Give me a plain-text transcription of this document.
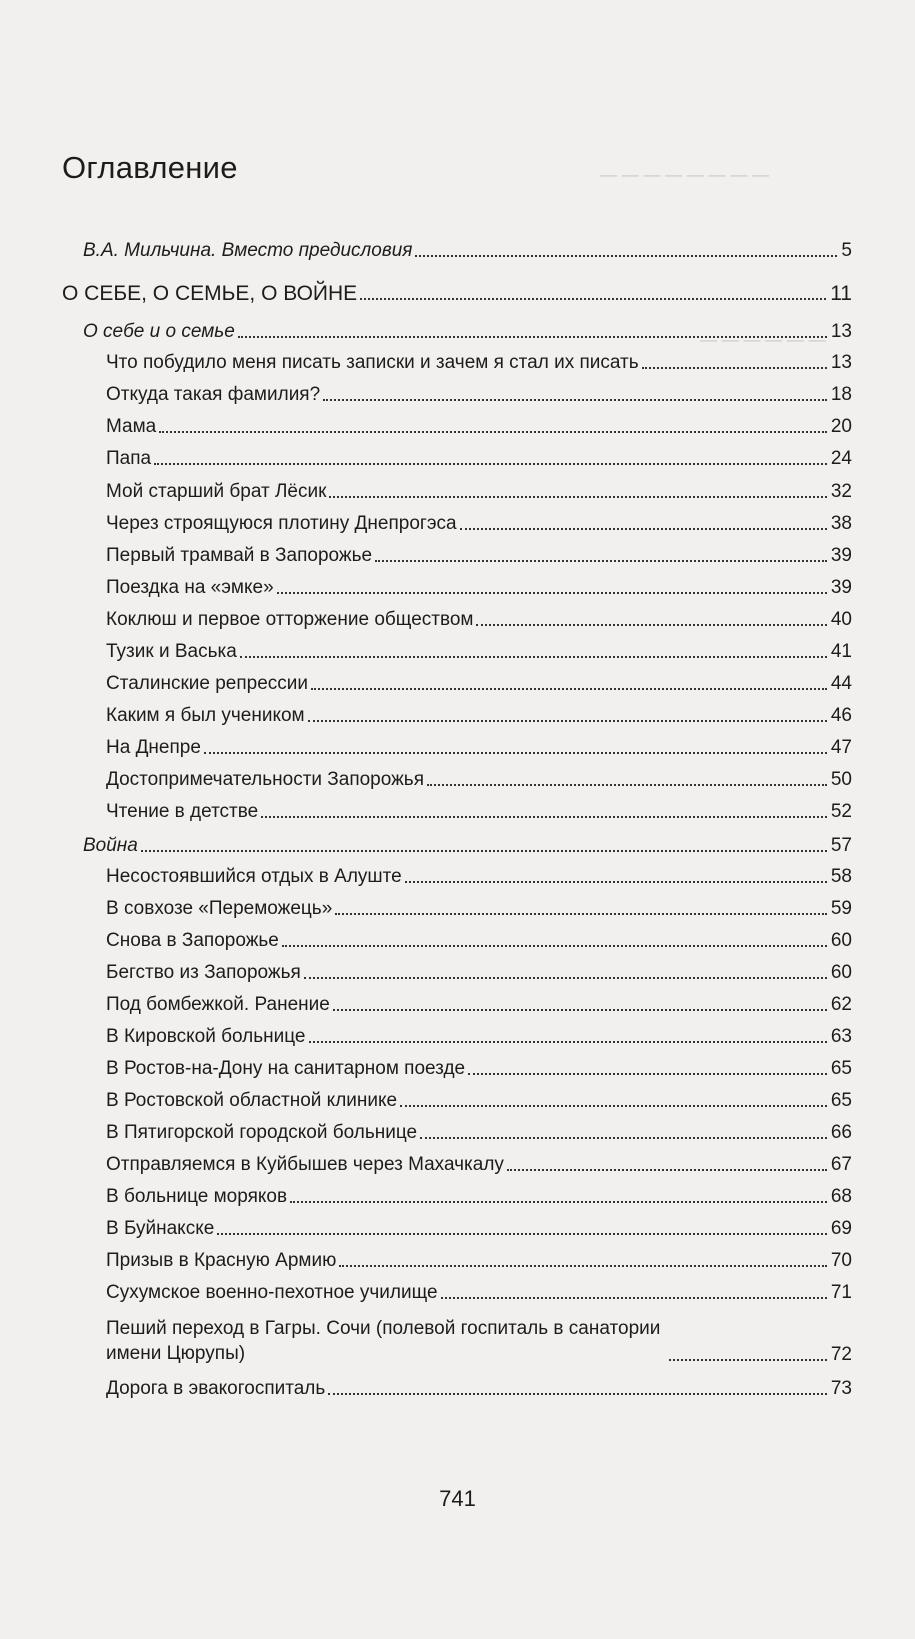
— — — — — — — —
— — — — — —
Оглавление
В.А. Мильчина. Вместо предисловия	5
О СЕБЕ, О СЕМЬЕ, О ВОЙНЕ	11
О себе и о семье	13
Что побудило меня писать записки и зачем я стал их писать	13
Откуда такая фамилия?	18
Мама	20
Папа	24
Мой старший брат Лёсик	32
Через строящуюся плотину Днепрогэса	38
Первый трамвай в Запорожье	39
Поездка на «эмке»	39
Коклюш и первое отторжение обществом	40
Тузик и Васька	41
Сталинские репрессии	44
Каким я был учеником	46
На Днепре	47
Достопримечательности Запорожья	50
Чтение в детстве	52
Война	57
Несостоявшийся отдых в Алуште	58
В совхозе «Переможець»	59
Снова в Запорожье	60
Бегство из Запорожья	60
Под бомбежкой. Ранение	62
В Кировской больнице	63
В Ростов-на-Дону на санитарном поезде	65
В Ростовской областной клинике	65
В Пятигорской городской больнице	66
Отправляемся в Куйбышев через Махачкалу	67
В больнице моряков	68
В Буйнакске	69
Призыв в Красную Армию	70
Сухумское военно-пехотное училище	71
Пеший переход в Гагры. Сочи (полевой госпиталь в санатории имени Цюрупы)	72
Дорога в эвакогоспиталь	73
741
